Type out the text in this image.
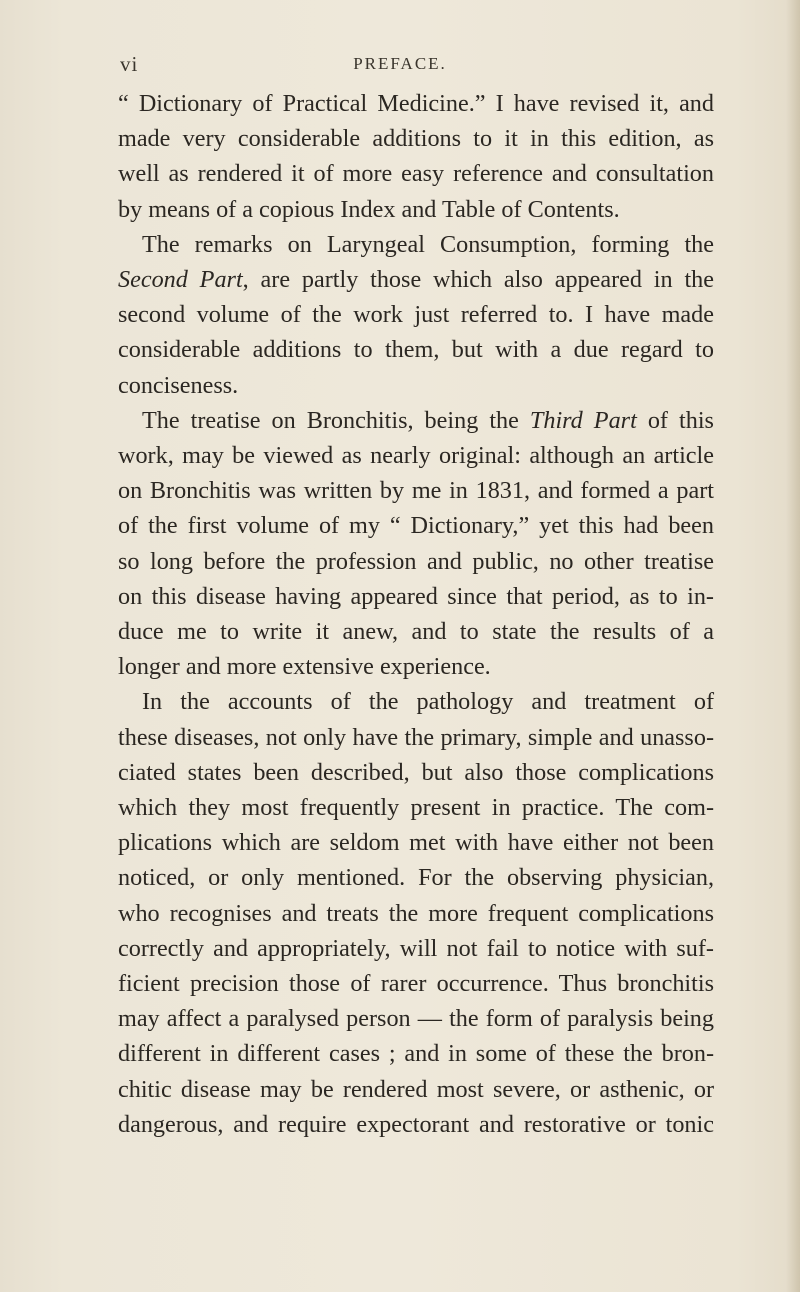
vi	PREFACE.

“ Dictionary of Practical Medicine.” I have revised it, and
made very considerable additions to it in this edition, as
well as rendered it of more easy reference and consultation
by means of a copious Index and Table of Contents.

The remarks on Laryngeal Consumption, forming the
Second Part, are partly those which also appeared in the
second volume of the work just referred to. I have made
considerable additions to them, but with a due regard to
conciseness.

The treatise on Bronchitis, being the Third Part of this
work, may be viewed as nearly original: although an article
on Bronchitis was written by me in 1831, and formed a part
of the first volume of my “ Dictionary,” yet this had been
so long before the profession and public, no other treatise
on this disease having appeared since that period, as to in-
duce me to write it anew, and to state the results of a
longer and more extensive experience.

In the accounts of the pathology and treatment of
these diseases, not only have the primary, simple and unasso-
ciated states been described, but also those complications
which they most frequently present in practice. The com-
plications which are seldom met with have either not been
noticed, or only mentioned. For the observing physician,
who recognises and treats the more frequent complications
correctly and appropriately, will not fail to notice with suf-
ficient precision those of rarer occurrence. Thus bronchitis
may affect a paralysed person — the form of paralysis being
different in different cases ; and in some of these the bron-
chitic disease may be rendered most severe, or asthenic, or
dangerous, and require expectorant and restorative or tonic
